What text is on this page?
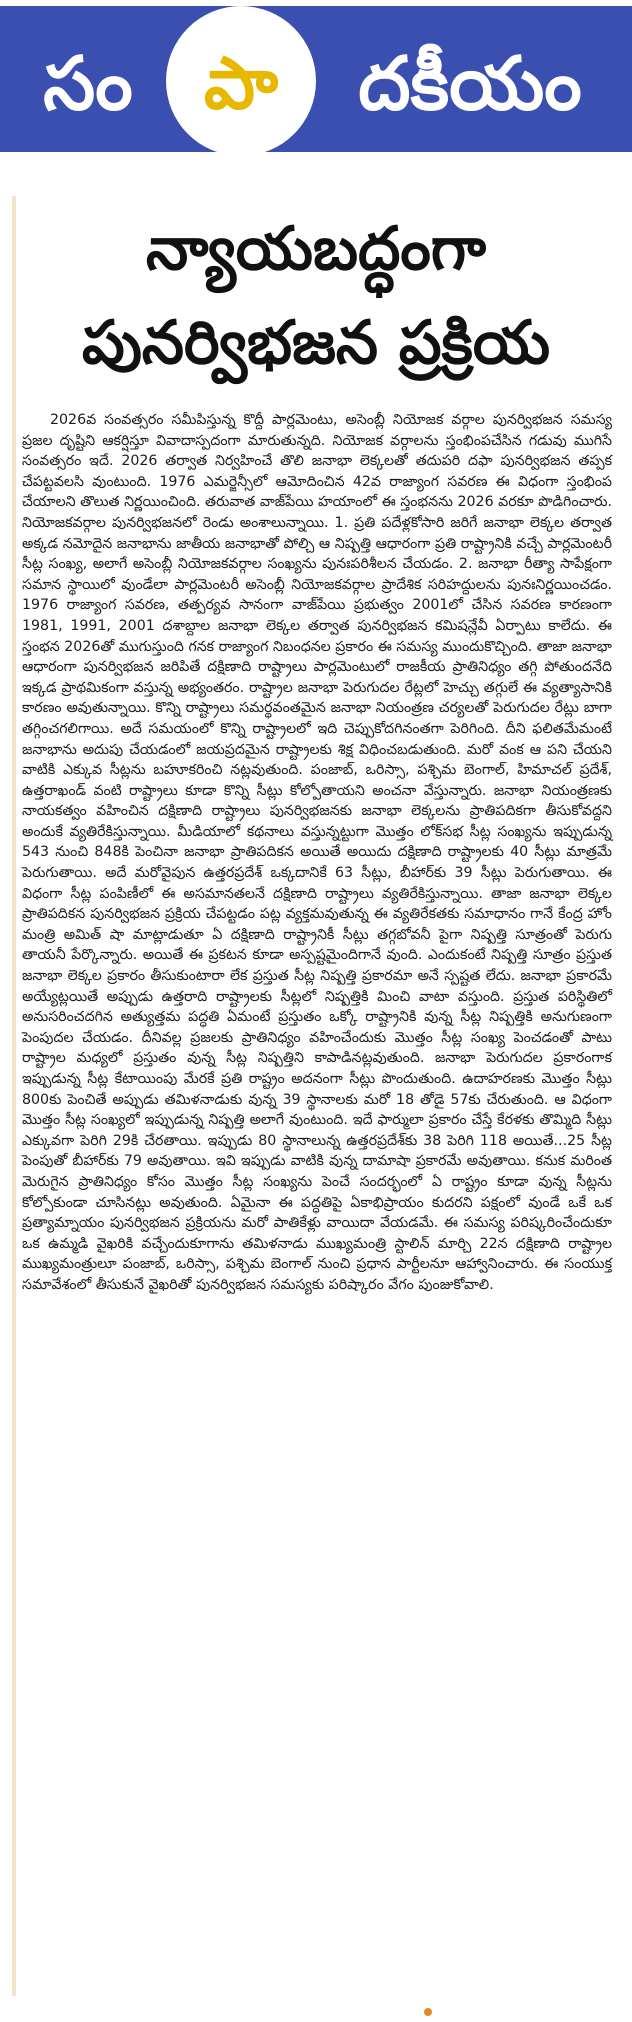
సం పా	దకీయం
న్యాయబద్ధంగా
పునర్విభజన ప్రక్రియ

2026వ సంవత్సరం సమీపిస్తున్న కొద్దీ పార్లమెంటు, అసెంబ్లీ నియోజక వర్గాల పునర్విభజన సమస్య ప్రజల దృష్టిని ఆకర్షిస్తూ వివాదాస్పదంగా మారుతున్నది. నియోజక వర్గాలను స్తంభింపచేసిన గడువు ముగిసే సంవత్సరం ఇదే. 2026 తర్వాత నిర్వహించే తొలి జనాభా లెక్కలతో తదుపరి దఫా పునర్విభజన తప్పక చేపట్టవలసి వుంటుంది. 1976 ఎమర్జెన్సీలో ఆమోదించిన 42వ రాజ్యాంగ సవరణ ఈ విధంగా స్తంభింప చేయాలని తొలుత నిర్ణయించింది. తరువాత వాజ్‌పేయి హయాంలో ఈ స్తంభనను 2026 వరకూ పొడిగించారు. నియోజకవర్గాల పునర్విభజనలో రెండు అంశాలున్నాయి. 1. ప్రతి పదేళ్లకోసారి జరిగే జనాభా లెక్కల తర్వాత అక్కడ నమోదైన జనాభాను జాతీయ జనాభాతో పోల్చి ఆ నిష్పత్తి ఆధారంగా ప్రతి రాష్ట్రానికి వచ్చే పార్లమెంటరీ సీట్ల సంఖ్య, అలాగే అసెంబ్లీ నియోజకవర్గాల సంఖ్యను పునఃపరిశీలన చేయడం. 2. జనాభా రీత్యా సాపేక్షంగా సమాన స్థాయిలో వుండేలా పార్లమెంటరీ అసెంబ్లీ నియోజకవర్గాల ప్రాదేశిక సరిహద్దులను పునఃనిర్ణయించడం. 1976 రాజ్యాంగ సవరణ, తత్పర్యవ సానంగా వాజ్‌పేయి ప్రభుత్వం 2001లో చేసిన సవరణ కారణంగా 1981, 1991, 2001 దశాబ్దాల జనాభా లెక్కల తర్వాత పునర్విభజన కమిషన్లేవీ ఏర్పాటు కాలేదు. ఈ స్తంభన 2026తో ముగుస్తుంది గనక రాజ్యాంగ నిబంధనల ప్రకారం ఈ సమస్య ముందుకొచ్చింది. తాజా జనాభా ఆధారంగా పునర్విభజన జరిపితే దక్షిణాది రాష్ట్రాలు పార్లమెంటులో రాజకీయ ప్రాతినిధ్యం తగ్గి పోతుందనేది ఇక్కడ ప్రాథమికంగా వస్తున్న అభ్యంతరం. రాష్ట్రాల జనాభా పెరుగుదల రేట్లలో హెచ్చు తగ్గులే ఈ వ్యత్యాసానికి కారణం అవుతున్నాయి. కొన్ని రాష్ట్రాలు సమర్థవంతమైన జనాభా నియంత్రణ చర్యలతో పెరుగుదల రేట్లు బాగా తగ్గించగలిగాయి. అదే సమయంలో కొన్ని రాష్ట్రాలలో ఇది చెప్పుకోదగినంతగా పెరిగింది. దీని ఫలితమేమంటే జనాభాను అదుపు చేయడంలో జయప్రదమైన రాష్ట్రాలకు శిక్ష విధించబడుతుంది. మరో వంక ఆ పని చేయని వాటికి ఎక్కువ సీట్లను బహూకరించి నట్లవుతుంది. పంజాబ్, ఒరిస్సా, పశ్చిమ బెంగాల్, హిమాచల్ ప్రదేశ్, ఉత్తరాఖండ్ వంటి రాష్ట్రాలు కూడా కొన్ని సీట్లు కోల్పోతాయని అంచనా వేస్తున్నారు. జనాభా నియంత్రణకు నాయకత్వం వహించిన దక్షిణాది రాష్ట్రాలు పునర్విభజనకు జనాభా లెక్కలను ప్రాతిపదికగా తీసుకోవద్దని అందుకే వ్యతిరేకిస్తున్నాయి. మీడియాలో కథనాలు వస్తున్నట్టుగా మొత్తం లోక్‌సభ సీట్ల సంఖ్యను ఇప్పుడున్న 543 నుంచి 848కి పెంచినా జనాభా ప్రాతిపదికన అయితే అయిదు దక్షిణాది రాష్ట్రాలకు 40 సీట్లు మాత్రమే పెరుగుతాయి. అదే మరోవైపున ఉత్తరప్రదేశ్ ఒక్కదానికే 63 సీట్లు, బీహార్‌కు 39 సీట్లు పెరుగుతాయి. ఈ విధంగా సీట్ల పంపిణీలో ఈ అసమానతలనే దక్షిణాది రాష్ట్రాలు వ్యతిరేకిస్తున్నాయి. తాజా జనాభా లెక్కల ప్రాతిపదికన పునర్విభజన ప్రక్రియ చేపట్టడం పట్ల వ్యక్తమవుతున్న ఈ వ్యతిరేకతకు సమాధానం గానే కేంద్ర హోం మంత్రి అమిత్ షా మాట్లాడుతూ ఏ దక్షిణాది రాష్ట్రానికీ సీట్లు తగ్గబోవనీ పైగా నిష్పత్తి సూత్రంతో పెరుగు తాయనీ పేర్కొన్నారు. అయితే ఈ ప్రకటన కూడా అస్పష్టమైందిగానే వుంది. ఎందుకంటే నిష్పత్తి సూత్రం ప్రస్తుత జనాభా లెక్కల ప్రకారం తీసుకుంటారా లేక ప్రస్తుత సీట్ల నిష్పత్తి ప్రకారమా అనే స్పష్టత లేదు. జనాభా ప్రకారమే అయ్యేట్లయితే అప్పుడు ఉత్తరాది రాష్ట్రాలకు సీట్లలో నిష్పత్తికి మించి వాటా వస్తుంది. ప్రస్తుత పరిస్థితిలో అనుసరించదగిన అత్యుత్తమ పద్ధతి ఏమంటే ప్రస్తుతం ఒక్కో రాష్ట్రానికి వున్న సీట్ల నిష్పత్తికి అనుగుణంగా పెంపుదల చేయడం. దీనివల్ల ప్రజలకు ప్రాతినిధ్యం వహించేందుకు మొత్తం సీట్ల సంఖ్య పెంచడంతో పాటు రాష్ట్రాల మధ్యలో ప్రస్తుతం వున్న సీట్ల నిష్పత్తిని కాపాడినట్లవుతుంది. జనాభా పెరుగుదల ప్రకారంగాక ఇప్పుడున్న సీట్ల కేటాయింపు మేరకే ప్రతి రాష్ట్రం అదనంగా సీట్లు పొందుతుంది. ఉదాహరణకు మొత్తం సీట్లు 800కు పెంచితే అప్పుడు తమిళనాడుకు వున్న 39 స్థానాలకు మరో 18 తోడై 57కు చేరుతుంది. ఆ విధంగా మొత్తం సీట్ల సంఖ్యలో ఇప్పుడున్న నిష్పత్తి అలాగే వుంటుంది. ఇదే ఫార్ములా ప్రకారం చేస్తే కేరళకు తొమ్మిది సీట్లు ఎక్కువగా పెరిగి 29కి చేరతాయి. ఇప్పుడు 80 స్థానాలున్న ఉత్తరప్రదేశ్‌కు 38 పెరిగి 118 అయితే...25 సీట్ల పెంపుతో బీహార్‌కు 79 అవుతాయి. ఇవి ఇప్పుడు వాటికి వున్న దామాషా ప్రకారమే అవుతాయి. కనుక మరింత మెరుగైన ప్రాతినిధ్యం కోసం మొత్తం సీట్ల సంఖ్యను పెంచే సందర్భంలో ఏ రాష్ట్రం కూడా వున్న సీట్లను కోల్పోకుండా చూసినట్లు అవుతుంది. ఏమైనా ఈ పద్ధతిపై ఏకాభిప్రాయం కుదరని పక్షంలో వుండే ఒకే ఒక ప్రత్యామ్నాయం పునర్విభజన ప్రక్రియను మరో పాతికేళ్లు వాయిదా వేయడమే. ఈ సమస్య పరిష్కరించేందుకూ ఒక ఉమ్మడి వైఖరికి వచ్చేందుకూగాను తమిళనాడు ముఖ్యమంత్రి స్టాలిన్ మార్చి 22న దక్షిణాది రాష్ట్రాల ముఖ్యమంత్రులూ పంజాబ్, ఒరిస్సా, పశ్చిమ బెంగాల్ నుంచి ప్రధాన పార్టీలనూ ఆహ్వానించారు. ఈ సంయుక్త సమావేశంలో తీసుకునే వైఖరితో పునర్విభజన సమస్యకు పరిష్కారం వేగం పుంజుకోవాలి.
